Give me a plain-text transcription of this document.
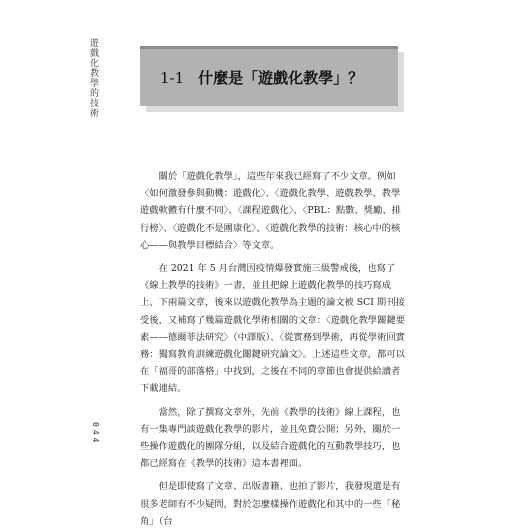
遊戲化教學的技術	1-1 什麼是「遊戲化教學」？

關於「遊戲化教學」，這些年來我已經寫了不少文章。例如〈如何激發參與動機：遊戲化〉、〈遊戲化教學、遊戲教學、教學遊戲軟體有什麼不同〉、〈課程遊戲化〉、〈PBL：點數、獎勵、排行榜〉、〈遊戲化不是團康化〉、〈遊戲化教學的技術：核心中的核心——與教學目標結合〉等文章。

在 2021 年 5 月台灣因疫情爆發實施三級警戒後，也寫了《線上教學的技術》一書，並且把線上遊戲化教學的技巧寫成上、下兩篇文章，後來以遊戲化教學為主題的論文被 SCI 期刊接受後，又補寫了幾篇遊戲化學術相關的文章：〈遊戲化教學關鍵要素——德爾菲法研究〉（中譯版）、〈從實務到學術，再從學術回實務：獨寫教育訓練遊戲化關鍵研究論文〉。上述這些文章，都可以在「福哥的部落格」中找到，之後在不同的章節也會提供給讀者下載連結。

當然，除了撰寫文章外，先前《教學的技術》線上課程，也有一集專門談遊戲化教學的影片，並且免費公開；另外，關於一些操作遊戲化的團隊分組，以及結合遊戲化的互動教學技巧，也都已經寫在《教學的技術》這本書裡面。

但是即使寫了文章、出版書籍、也拍了影片，我發現還是有很多老師有不少疑問，對於怎麼樣操作遊戲化和其中的一些「秘角」（台

044
